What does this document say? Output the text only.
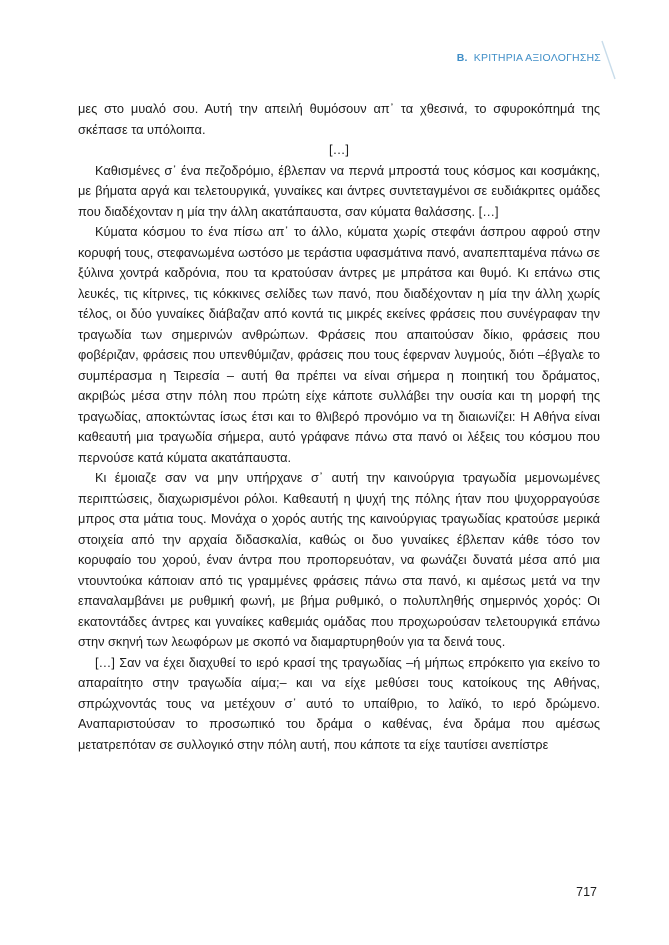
Β. ΚΡΙΤΗΡΙΑ ΑΞΙΟΛΟΓΗΣΗΣ

μες στο μυαλό σου. Αυτή την απειλή θυμόσουν απ᾽ τα χθεσινά, το σφυροκόπημά της σκέπασε τα υπόλοιπα.

[…]

Καθισμένες σ᾽ ένα πεζοδρόμιο, έβλεπαν να περνά μπροστά τους κόσμος και κοσμάκης, με βήματα αργά και τελετουργικά, γυναίκες και άντρες συντεταγμένοι σε ευδιάκριτες ομάδες που διαδέχονταν η μία την άλλη ακατάπαυστα, σαν κύματα θαλάσσης. […]

Κύματα κόσμου το ένα πίσω απ᾽ το άλλο, κύματα χωρίς στεφάνι άσπρου αφρού στην κορυφή τους, στεφανωμένα ωστόσο με τεράστια υφασμάτινα πανό, αναπεπταμένα πάνω σε ξύλινα χοντρά καδρόνια, που τα κρατούσαν άντρες με μπράτσα και θυμό. Κι επάνω στις λευκές, τις κίτρινες, τις κόκκινες σελίδες των πανό, που διαδέχονταν η μία την άλλη χωρίς τέλος, οι δύο γυναίκες διάβαζαν από κοντά τις μικρές εκείνες φράσεις που συνέγραφαν την τραγωδία των σημερινών ανθρώπων. Φράσεις που απαιτούσαν δίκιο, φράσεις που φοβέριζαν, φράσεις που υπενθύμιζαν, φράσεις που τους έφερναν λυγμούς, διότι –έβγαλε το συμπέρασμα η Τειρεσία – αυτή θα πρέπει να είναι σήμερα η ποιητική του δράματος, ακριβώς μέσα στην πόλη που πρώτη είχε κάποτε συλλάβει την ουσία και τη μορφή της τραγωδίας, αποκτώντας ίσως έτσι και το θλιβερό προνόμιο να τη διαιωνίζει: Η Αθήνα είναι καθεαυτή μια τραγωδία σήμερα, αυτό γράφανε πάνω στα πανό οι λέξεις του κόσμου που περνούσε κατά κύματα ακατάπαυστα.

Κι έμοιαζε σαν να μην υπήρχανε σ᾽ αυτή την καινούργια τραγωδία μεμονωμένες περιπτώσεις, διαχωρισμένοι ρόλοι. Καθεαυτή η ψυχή της πόλης ήταν που ψυχορραγούσε μπρος στα μάτια τους. Μονάχα ο χορός αυτής της καινούργιας τραγωδίας κρατούσε μερικά στοιχεία από την αρχαία διδασκαλία, καθώς οι δυο γυναίκες έβλεπαν κάθε τόσο τον κορυφαίο του χορού, έναν άντρα που προπορευόταν, να φωνάζει δυνατά μέσα από μια ντουντούκα κάποιαν από τις γραμμένες φράσεις πάνω στα πανό, κι αμέσως μετά να την επαναλαμβάνει με ρυθμική φωνή, με βήμα ρυθμικό, ο πολυπληθής σημερινός χορός: Οι εκατοντάδες άντρες και γυναίκες καθεμιάς ομάδας που προχωρούσαν τελετουργικά επάνω στην σκηνή των λεωφόρων με σκοπό να διαμαρτυρηθούν για τα δεινά τους.

[…] Σαν να έχει διαχυθεί το ιερό κρασί της τραγωδίας –ή μήπως επρόκειτο για εκείνο το απαραίτητο στην τραγωδία αίμα;– και να είχε μεθύσει τους κατοίκους της Αθήνας, σπρώχνοντάς τους να μετέχουν σ᾽ αυτό το υπαίθριο, το λαϊκό, το ιερό δρώμενο. Αναπαριστούσαν το προσωπικό του δράμα ο καθένας, ένα δράμα που αμέσως μετατρεπόταν σε συλλογικό στην πόλη αυτή, που κάποτε τα είχε ταυτίσει ανεπίστρε

717
